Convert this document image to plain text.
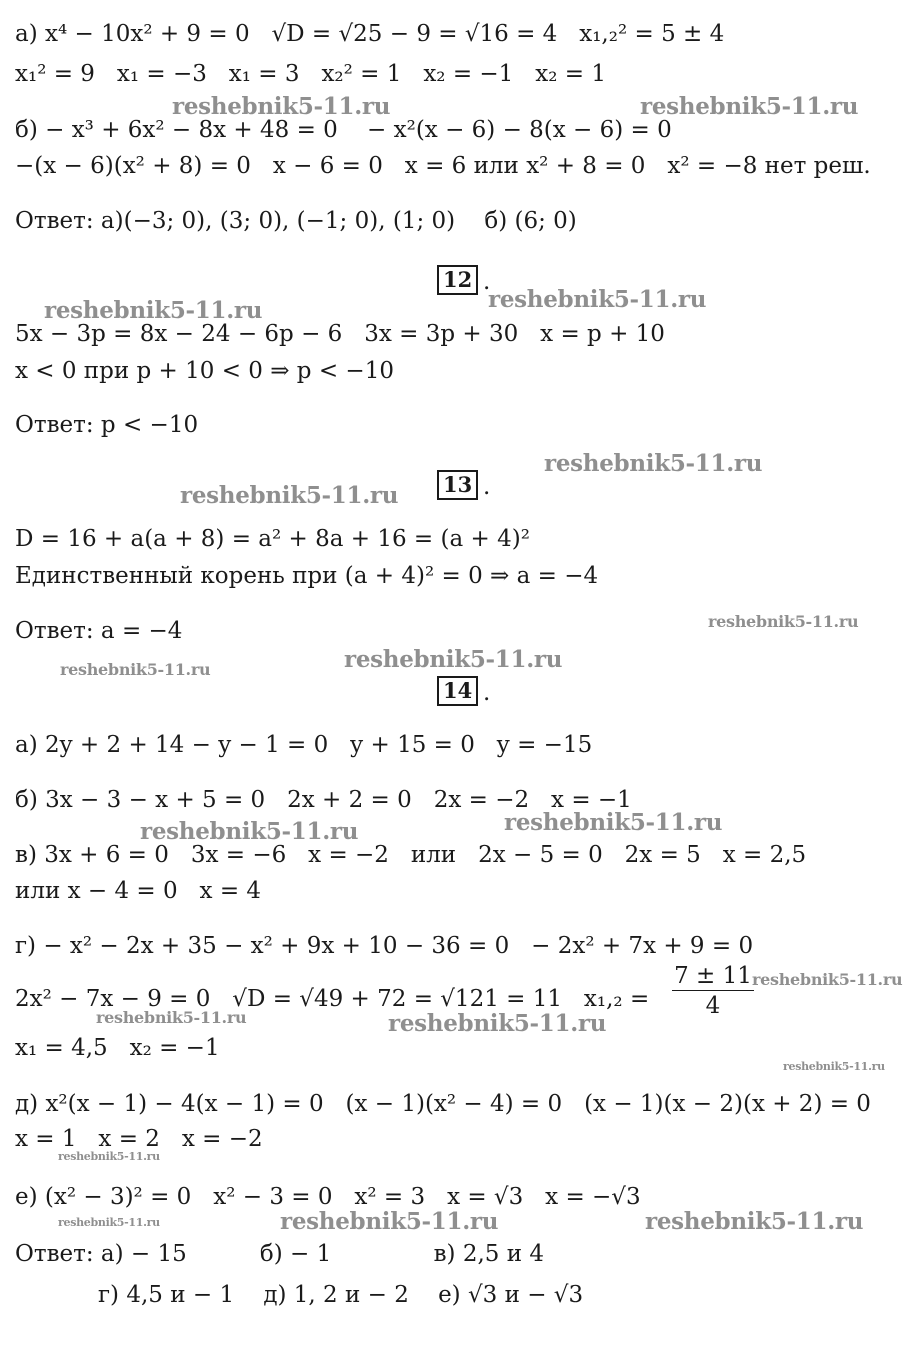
а) x⁴ − 10x² + 9 = 0   √D = √25 − 9 = √16 = 4   x₁,₂² = 5 ± 4
x₁² = 9   x₁ = −3   x₁ = 3   x₂² = 1   x₂ = −1   x₂ = 1
б) − x³ + 6x² − 8x + 48 = 0    − x²(x − 6) − 8(x − 6) = 0
−(x − 6)(x² + 8) = 0   x − 6 = 0   x = 6 или x² + 8 = 0   x² = −8 нет реш.
Ответ: а)(−3; 0), (3; 0), (−1; 0), (1; 0)    б) (6; 0)
12 .
5x − 3p = 8x − 24 − 6p − 6   3x = 3p + 30   x = p + 10
x < 0 при p + 10 < 0 ⇒ p < −10
Ответ: p < −10
13 .
D = 16 + a(a + 8) = a² + 8a + 16 = (a + 4)²
Единственный корень при (a + 4)² = 0 ⇒ a = −4
Ответ: a = −4
14 .
а) 2y + 2 + 14 − y − 1 = 0   y + 15 = 0   y = −15
б) 3x − 3 − x + 5 = 0   2x + 2 = 0   2x = −2   x = −1
в) 3x + 6 = 0   3x = −6   x = −2   или   2x − 5 = 0   2x = 5   x = 2,5
или x − 4 = 0   x = 4
г) − x² − 2x + 35 − x² + 9x + 10 − 36 = 0   − 2x² + 7x + 9 = 0
2x² − 7x − 9 = 0   √D = √49 + 72 = √121 = 11   $x_1,_2 = \frac{7 \pm 11}{4}$
x₁ = 4,5   x₂ = −1
д) x²(x − 1) − 4(x − 1) = 0   (x − 1)(x² − 4) = 0   (x − 1)(x − 2)(x + 2) = 0
x = 1   x = 2   x = −2
е) (x² − 3)² = 0   x² − 3 = 0   x² = 3   x = √3   x = −√3
Ответ: а) − 15          б) − 1              в) 2,5 и 4
г) 4,5 и − 1    д) 1, 2 и − 2    е) √3 и − √3
reshebnik5-11.ru	reshebnik5-11.ru
reshebnik5-11.ru
reshebnik5-11.ru
reshebnik5-11.ru
reshebnik5-11.ru
reshebnik5-11.ru
reshebnik5-11.ru
reshebnik5-11.ru
reshebnik5-11.ru
reshebnik5-11.ru
reshebnik5-11.ru
reshebnik5-11.ru	reshebnik5-11.ru
reshebnik5-11.ru
reshebnik5-11.ru
reshebnik5-11.ru	reshebnik5-11.ru	reshebnik5-11.ru
